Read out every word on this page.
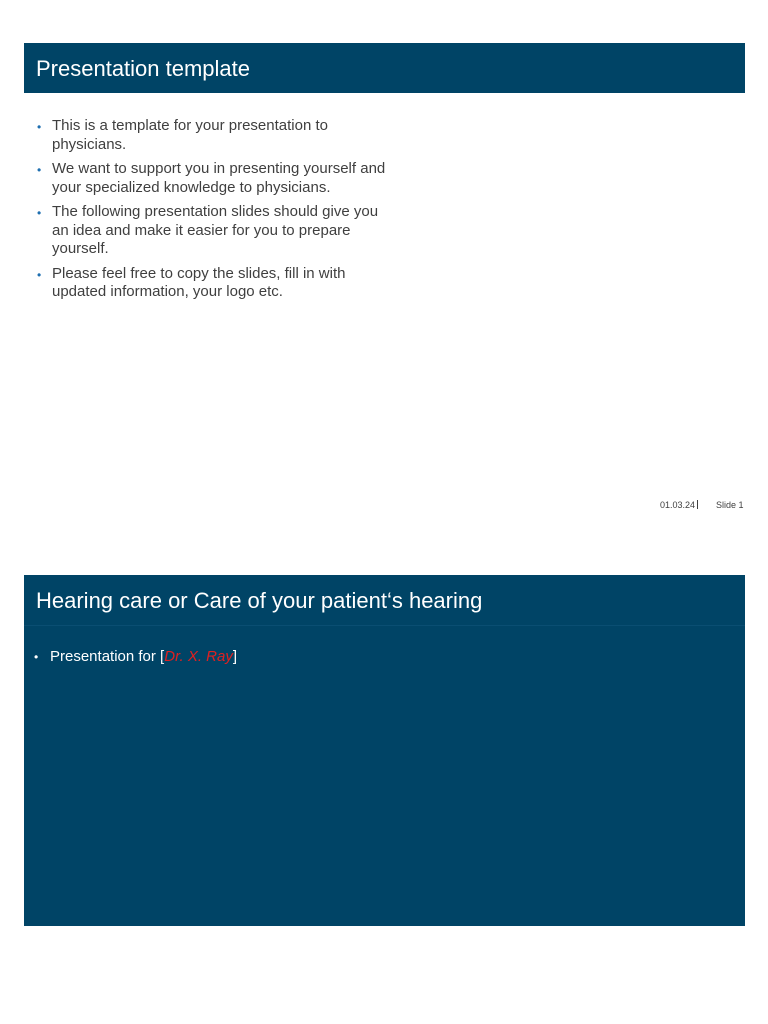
Presentation template
• This is a template for your presentation to physicians.
• We want to support you in presenting yourself and your specialized knowledge to physicians.
• The following presentation slides should give you an idea and make it easier for you to prepare yourself.
• Please feel free to copy the slides, fill in with updated information, your logo etc.
01.03.24 Slide 1
Hearing care or Care of your patient‘s hearing
• Presentation for [Dr. X. Ray]
